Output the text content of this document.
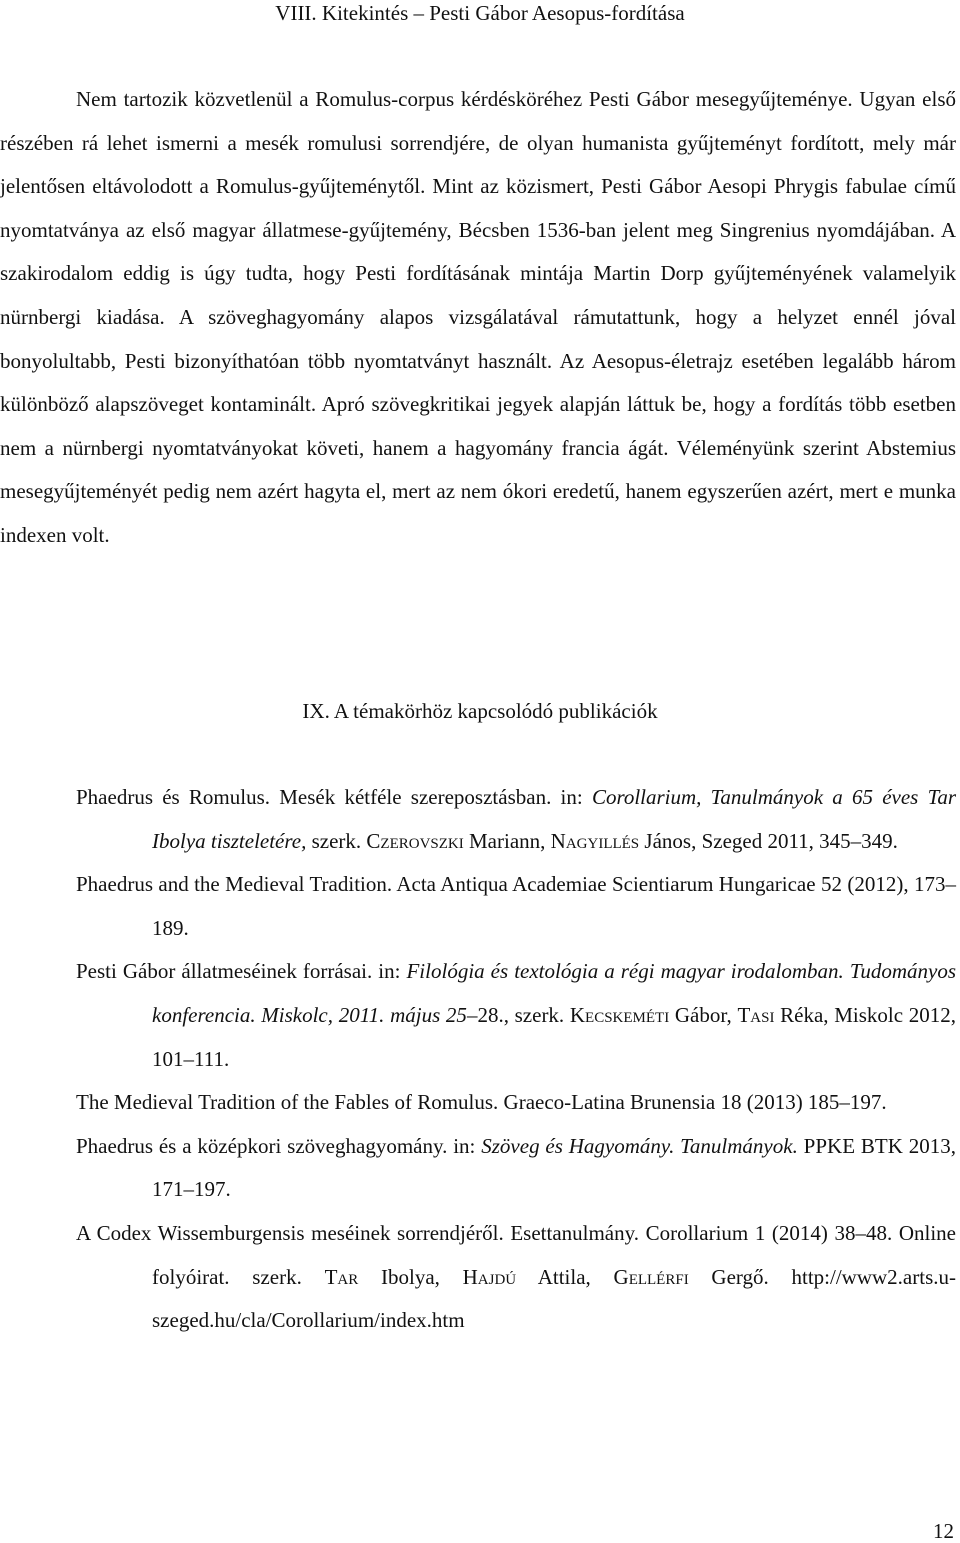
VIII. Kitekintés – Pesti Gábor Aesopus-fordítása
Nem tartozik közvetlenül a Romulus-corpus kérdésköréhez Pesti Gábor mesegyűjteménye. Ugyan első részében rá lehet ismerni a mesék romulusi sorrendjére, de olyan humanista gyűjteményt fordított, mely már jelentősen eltávolodott a Romulus-gyűjteménytől. Mint az közismert, Pesti Gábor Aesopi Phrygis fabulae című nyomtatványa az első magyar állatmese-gyűjtemény, Bécsben 1536-ban jelent meg Singrenius nyomdájában. A szakirodalom eddig is úgy tudta, hogy Pesti fordításának mintája Martin Dorp gyűjteményének valamelyik nürnbergi kiadása. A szöveghagyomány alapos vizsgálatával rámutattunk, hogy a helyzet ennél jóval bonyolultabb, Pesti bizonyíthatóan több nyomtatványt használt. Az Aesopus-életrajz esetében legalább három különböző alapszöveget kontaminált. Apró szövegkritikai jegyek alapján láttuk be, hogy a fordítás több esetben nem a nürnbergi nyomtatványokat követi, hanem a hagyomány francia ágát. Véleményünk szerint Abstemius mesegyűjteményét pedig nem azért hagyta el, mert az nem ókori eredetű, hanem egyszerűen azért, mert e munka indexen volt.
IX. A témakörhöz kapcsolódó publikációk

Phaedrus és Romulus. Mesék kétféle szereposztásban. in: Corollarium, Tanulmányok a 65 éves Tar Ibolya tiszteletére, szerk. Czerovszki Mariann, Nagyillés János, Szeged 2011, 345–349.

Phaedrus and the Medieval Tradition. Acta Antiqua Academiae Scientiarum Hungaricae 52 (2012), 173–189.

Pesti Gábor állatmeséinek forrásai. in: Filológia és textológia a régi magyar irodalomban. Tudományos konferencia. Miskolc, 2011. május 25–28., szerk. Kecskeméti Gábor, Tasi Réka, Miskolc 2012, 101–111.

The Medieval Tradition of the Fables of Romulus. Graeco-Latina Brunensia 18 (2013) 185–197.

Phaedrus és a középkori szöveghagyomány. in: Szöveg és Hagyomány. Tanulmányok. PPKE BTK 2013, 171–197.

A Codex Wissemburgensis meséinek sorrendjéről. Esettanulmány. Corollarium 1 (2014) 38–48. Online folyóirat. szerk. Tar Ibolya, Hajdú Attila, Gellérfi Gergő. http://www2.arts.u-szeged.hu/cla/Corollarium/index.htm

12
